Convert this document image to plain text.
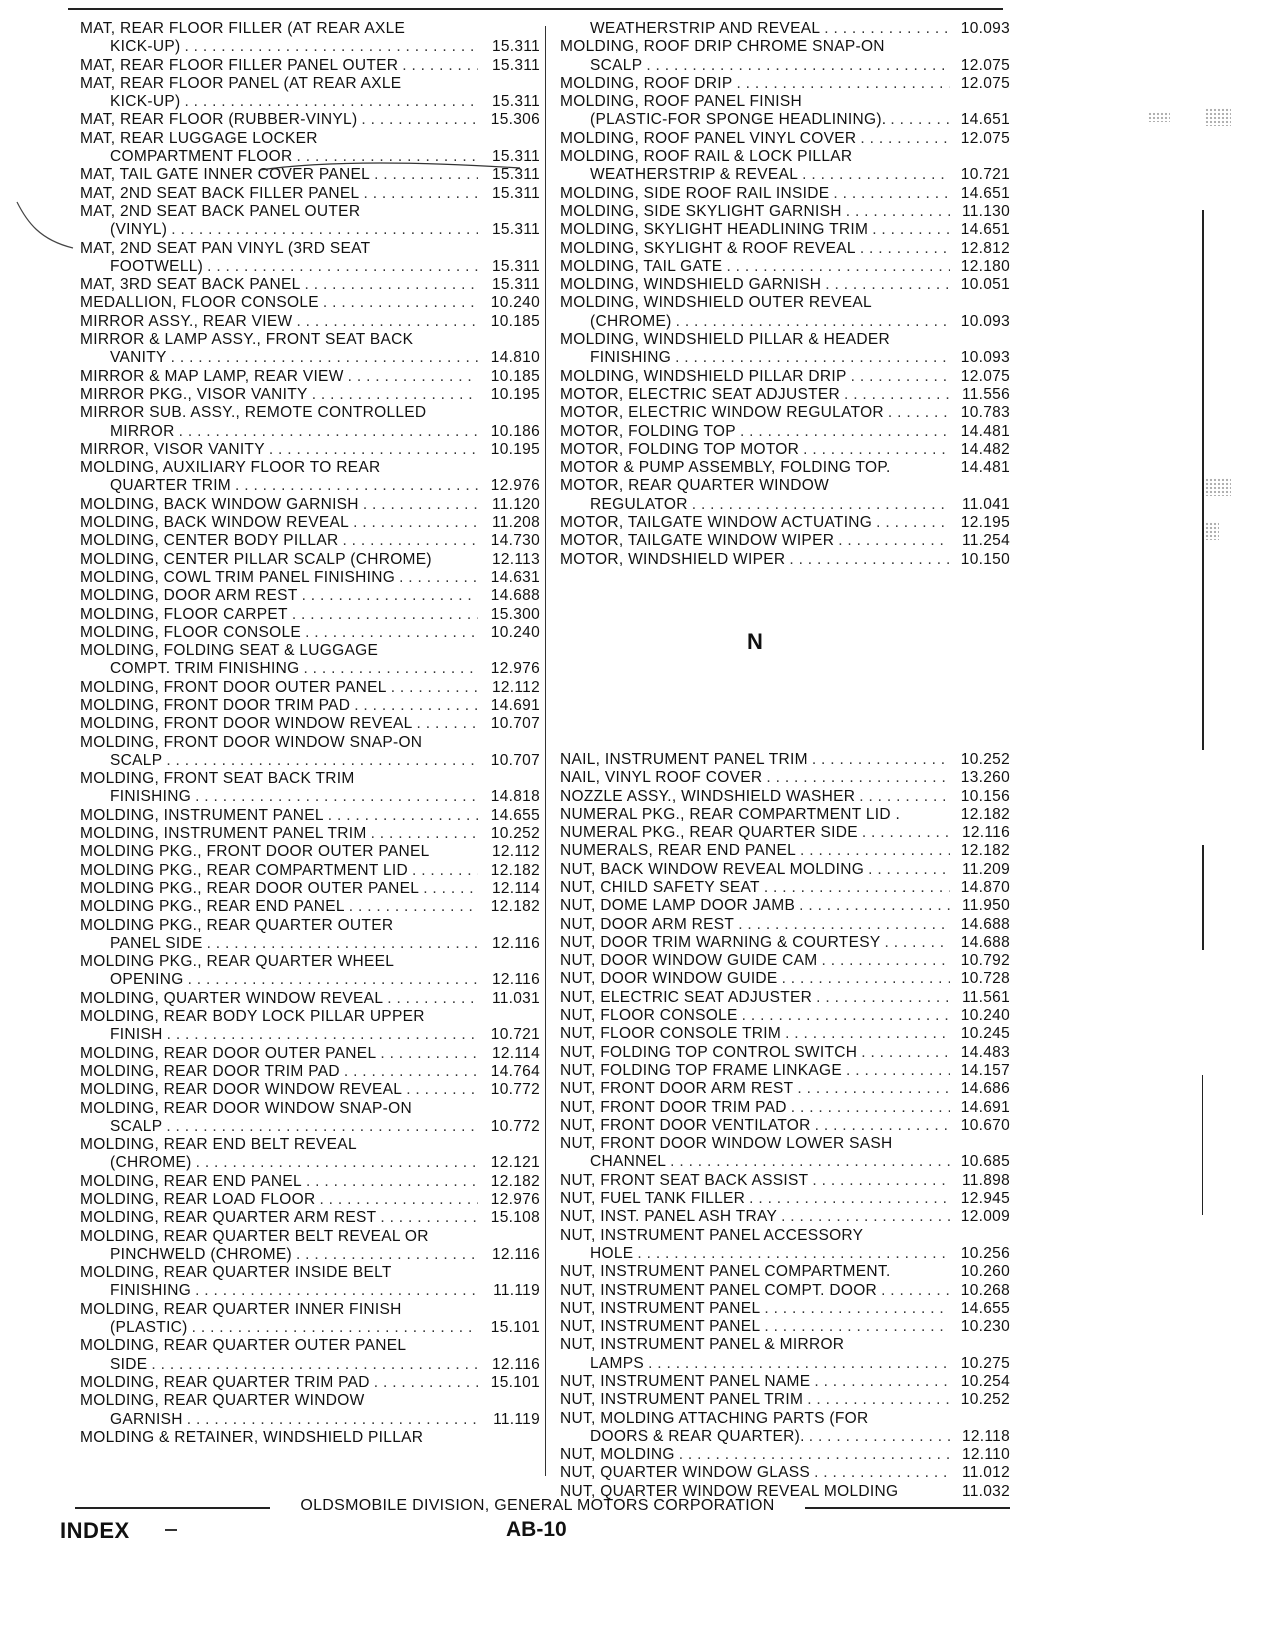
MAT, REAR FLOOR FILLER (AT REAR AXLE
KICK-UP) . . .	15.311
MAT, REAR FLOOR FILLER PANEL OUTER . . .	15.311
MAT, REAR FLOOR PANEL (AT REAR AXLE
KICK-UP) . . .	15.311
MAT, REAR FLOOR (RUBBER-VINYL) . . .	15.306
MAT, REAR LUGGAGE LOCKER
COMPARTMENT FLOOR . . .	15.311
MAT, TAIL GATE INNER COVER PANEL . . .	15.311
MAT, 2ND SEAT BACK FILLER PANEL . . .	15.311
MAT, 2ND SEAT BACK PANEL OUTER
(VINYL) . . .	15.311
MAT, 2ND SEAT PAN VINYL (3RD SEAT
FOOTWELL) . . .	15.311
MAT, 3RD SEAT BACK PANEL . . .	15.311
MEDALLION, FLOOR CONSOLE . . .	10.240
MIRROR ASSY., REAR VIEW . . .	10.185
MIRROR & LAMP ASSY., FRONT SEAT BACK
VANITY . . .	14.810
MIRROR & MAP LAMP, REAR VIEW . . .	10.185
MIRROR PKG., VISOR VANITY . . .	10.195
MIRROR SUB. ASSY., REMOTE CONTROLLED
MIRROR . . .	10.186
MIRROR, VISOR VANITY . . .	10.195
MOLDING, AUXILIARY FLOOR TO REAR
QUARTER TRIM . . .	12.976
MOLDING, BACK WINDOW GARNISH . . .	11.120
MOLDING, BACK WINDOW REVEAL . . .	11.208
MOLDING, CENTER BODY PILLAR . . .	14.730
MOLDING, CENTER PILLAR SCALP (CHROME)	12.113
MOLDING, COWL TRIM PANEL FINISHING . . .	14.631
MOLDING, DOOR ARM REST . . .	14.688
MOLDING, FLOOR CARPET . . .	15.300
MOLDING, FLOOR CONSOLE . . .	10.240
MOLDING, FOLDING SEAT & LUGGAGE
COMPT. TRIM FINISHING . . .	12.976
MOLDING, FRONT DOOR OUTER PANEL . . .	12.112
MOLDING, FRONT DOOR TRIM PAD . . .	14.691
MOLDING, FRONT DOOR WINDOW REVEAL . . .	10.707
MOLDING, FRONT DOOR WINDOW SNAP-ON
SCALP . . .	10.707
MOLDING, FRONT SEAT BACK TRIM
FINISHING . . .	14.818
MOLDING, INSTRUMENT PANEL . . .	14.655
MOLDING, INSTRUMENT PANEL TRIM . . .	10.252
MOLDING PKG., FRONT DOOR OUTER PANEL	12.112
MOLDING PKG., REAR COMPARTMENT LID . . .	12.182
MOLDING PKG., REAR DOOR OUTER PANEL . . .	12.114
MOLDING PKG., REAR END PANEL . . .	12.182
MOLDING PKG., REAR QUARTER OUTER
PANEL SIDE . . .	12.116
MOLDING PKG., REAR QUARTER WHEEL
OPENING . . .	12.116
MOLDING, QUARTER WINDOW REVEAL . . .	11.031
MOLDING, REAR BODY LOCK PILLAR UPPER
FINISH . . .	10.721
MOLDING, REAR DOOR OUTER PANEL . . .	12.114
MOLDING, REAR DOOR TRIM PAD . . .	14.764
MOLDING, REAR DOOR WINDOW REVEAL . . .	10.772
MOLDING, REAR DOOR WINDOW SNAP-ON
SCALP . . .	10.772
MOLDING, REAR END BELT REVEAL
(CHROME) . . .	12.121
MOLDING, REAR END PANEL . . .	12.182
MOLDING, REAR LOAD FLOOR . . .	12.976
MOLDING, REAR QUARTER ARM REST . . .	15.108
MOLDING, REAR QUARTER BELT REVEAL OR
PINCHWELD (CHROME) . . .	12.116
MOLDING, REAR QUARTER INSIDE BELT
FINISHING . . .	11.119
MOLDING, REAR QUARTER INNER FINISH
(PLASTIC) . . .	15.101
MOLDING, REAR QUARTER OUTER PANEL
SIDE . . .	12.116
MOLDING, REAR QUARTER TRIM PAD . . .	15.101
MOLDING, REAR QUARTER WINDOW
GARNISH . . .	11.119
MOLDING & RETAINER, WINDSHIELD PILLAR
WEATHERSTRIP AND REVEAL . . .	10.093
MOLDING, ROOF DRIP CHROME SNAP-ON
SCALP . . .	12.075
MOLDING, ROOF DRIP . . .	12.075
MOLDING, ROOF PANEL FINISH
(PLASTIC-FOR SPONGE HEADLINING). . . .	14.651
MOLDING, ROOF PANEL VINYL COVER . . .	12.075
MOLDING, ROOF RAIL & LOCK PILLAR
WEATHERSTRIP & REVEAL . . .	10.721
MOLDING, SIDE ROOF RAIL INSIDE . . .	14.651
MOLDING, SIDE SKYLIGHT GARNISH . . .	11.130
MOLDING, SKYLIGHT HEADLINING TRIM . . .	14.651
MOLDING, SKYLIGHT & ROOF REVEAL . . .	12.812
MOLDING, TAIL GATE . . .	12.180
MOLDING, WINDSHIELD GARNISH . . .	10.051
MOLDING, WINDSHIELD OUTER REVEAL
(CHROME) . . .	10.093
MOLDING, WINDSHIELD PILLAR & HEADER
FINISHING . . .	10.093
MOLDING, WINDSHIELD PILLAR DRIP . . .	12.075
MOTOR, ELECTRIC SEAT ADJUSTER . . .	11.556
MOTOR, ELECTRIC WINDOW REGULATOR . . .	10.783
MOTOR, FOLDING TOP . . .	14.481
MOTOR, FOLDING TOP MOTOR . . .	14.482
MOTOR & PUMP ASSEMBLY, FOLDING TOP.	14.481
MOTOR, REAR QUARTER WINDOW
REGULATOR . . .	11.041
MOTOR, TAILGATE WINDOW ACTUATING . . .	12.195
MOTOR, TAILGATE WINDOW WIPER . . .	11.254
MOTOR, WINDSHIELD WIPER . . .	10.150
N
NAIL, INSTRUMENT PANEL TRIM . . .	10.252
NAIL, VINYL ROOF COVER . . .	13.260
NOZZLE ASSY., WINDSHIELD WASHER . . .	10.156
NUMERAL PKG., REAR COMPARTMENT LID .	12.182
NUMERAL PKG., REAR QUARTER SIDE . . .	12.116
NUMERALS, REAR END PANEL . . .	12.182
NUT, BACK WINDOW REVEAL MOLDING . . .	11.209
NUT, CHILD SAFETY SEAT . . .	14.870
NUT, DOME LAMP DOOR JAMB . . .	11.950
NUT, DOOR ARM REST . . .	14.688
NUT, DOOR TRIM WARNING & COURTESY . . .	14.688
NUT, DOOR WINDOW GUIDE CAM . . .	10.792
NUT, DOOR WINDOW GUIDE . . .	10.728
NUT, ELECTRIC SEAT ADJUSTER . . .	11.561
NUT, FLOOR CONSOLE . . .	10.240
NUT, FLOOR CONSOLE TRIM . . .	10.245
NUT, FOLDING TOP CONTROL SWITCH . . .	14.483
NUT, FOLDING TOP FRAME LINKAGE . . .	14.157
NUT, FRONT DOOR ARM REST . . .	14.686
NUT, FRONT DOOR TRIM PAD . . .	14.691
NUT, FRONT DOOR VENTILATOR . . .	10.670
NUT, FRONT DOOR WINDOW LOWER SASH
CHANNEL . . .	10.685
NUT, FRONT SEAT BACK ASSIST . . .	11.898
NUT, FUEL TANK FILLER . . .	12.945
NUT, INST. PANEL ASH TRAY . . .	12.009
NUT, INSTRUMENT PANEL ACCESSORY
HOLE . . .	10.256
NUT, INSTRUMENT PANEL COMPARTMENT.	10.260
NUT, INSTRUMENT PANEL COMPT. DOOR . . .	10.268
NUT, INSTRUMENT PANEL . . .	14.655
NUT, INSTRUMENT PANEL . . .	10.230
NUT, INSTRUMENT PANEL & MIRROR
LAMPS . . .	10.275
NUT, INSTRUMENT PANEL NAME . . .	10.254
NUT, INSTRUMENT PANEL TRIM . . .	10.252
NUT, MOLDING ATTACHING PARTS (FOR
DOORS & REAR QUARTER). . . .	12.118
NUT, MOLDING . . .	12.110
NUT, QUARTER WINDOW GLASS . . .	11.012
NUT, QUARTER WINDOW REVEAL MOLDING	11.032
OLDSMOBILE DIVISION, GENERAL MOTORS CORPORATION
INDEX	AB-10
